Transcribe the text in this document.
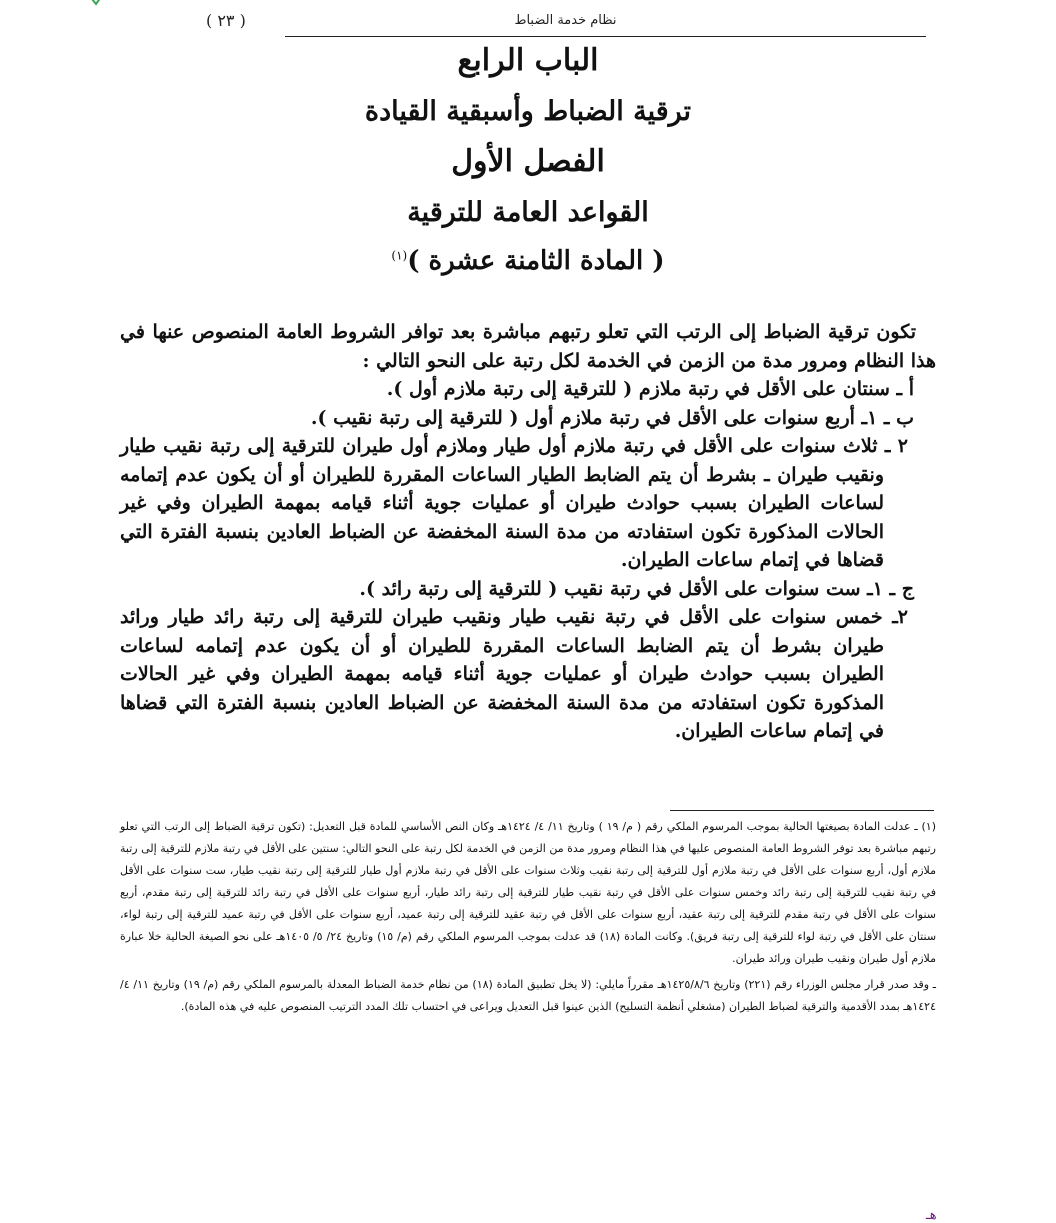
( ٢٣ )	نظام خدمة الضباط
الباب الرابع
ترقية الضباط وأسبقية القيادة
الفصل الأول
القواعد العامة للترقية
( المادة الثامنة عشرة )$^{(١)}$

تكون ترقية الضباط إلى الرتب التي تعلو رتبهم مباشرة بعد توافر الشروط العامة المنصوص عنها في هذا النظام ومرور مدة من الزمن في الخدمة لكل رتبة على النحو التالي :

أ ـ سنتان على الأقل في رتبة ملازم ( للترقية إلى رتبة ملازم أول ).

ب ـ ١ـ أربع سنوات على الأقل في رتبة ملازم أول ( للترقية إلى رتبة نقيب ).

٢ ـ ثلاث سنوات على الأقل في رتبة ملازم أول طيار وملازم أول طيران للترقية إلى رتبة نقيب طيار ونقيب طيران ـ بشرط أن يتم الضابط الطيار الساعات المقررة للطيران أو أن يكون عدم إتمامه لساعات الطيران بسبب حوادث طيران أو عمليات جوية أثناء قيامه بمهمة الطيران وفي غير الحالات المذكورة تكون استفادته من مدة السنة المخفضة عن الضباط العادين بنسبة الفترة التي قضاها في إتمام ساعات الطيران.

ج ـ ١ـ ست سنوات على الأقل في رتبة نقيب ( للترقية إلى رتبة رائد ).

٢ـ خمس سنوات على الأقل في رتبة نقيب طيار ونقيب طيران للترقية إلى رتبة رائد طيار ورائد طيران بشرط أن يتم الضابط الساعات المقررة للطيران أو أن يكون عدم إتمامه لساعات الطيران بسبب حوادث طيران أو عمليات جوية أثناء قيامه بمهمة الطيران وفي غير الحالات المذكورة تكون استفادته من مدة السنة المخفضة عن الضباط العادين بنسبة الفترة التي قضاها في إتمام ساعات الطيران.

(١) ـ عدلت المادة بصيغتها الحالية بموجب المرسوم الملكي رقم ( م/ ١٩ ) وتاريخ ١١/ ٤/ ١٤٢٤هـ وكان النص الأساسي للمادة قبل التعديل: (تكون ترقية الضباط إلى الرتب التي تعلو رتبهم مباشرة بعد توفر الشروط العامة المنصوص عليها في هذا النظام ومرور مدة من الزمن في الخدمة لكل رتبة على النحو التالي: سنتين على الأقل في رتبة ملازم للترقية إلى رتبة ملازم أول، أربع سنوات على الأقل في رتبة ملازم أول للترقية إلى رتبة نقيب وثلاث سنوات على الأقل في رتبة ملازم أول طيار للترقية إلى رتبة نقيب طيار، ست سنوات على الأقل في رتبة نقيب للترقية إلى رتبة رائد وخمس سنوات على الأقل في رتبة نقيب طيار للترقية إلى رتبة رائد طيار، أربع سنوات على الأقل في رتبة رائد للترقية إلى رتبة مقدم، أربع سنوات على الأقل في رتبة مقدم للترقية إلى رتبة عقيد، أربع سنوات على الأقل في رتبة عقيد للترقية إلى رتبة عميد، أربع سنوات على الأقل في رتبة عميد للترقية إلى رتبة لواء، سنتان على الأقل في رتبة لواء للترقية إلى رتبة فريق). وكانت المادة (١٨) قد عدلت بموجب المرسوم الملكي رقم (م/ ١٥) وتاريخ ٢٤/ ٥/ ١٤٠٥هـ على نحو الصيغة الحالية خلا عبارة ملازم أول طيران ونقيب طيران ورائد طيران.

ـ وقد صدر قرار مجلس الوزراء رقم (٢٢١) وتاريخ ١٤٢٥/٨/٦هـ مقرراً مايلي: (لا يخل تطبيق المادة (١٨) من نظام خدمة الضباط المعدلة بالمرسوم الملكي رقم (م/ ١٩) وتاريخ ١١/ ٤/ ١٤٢٤هـ بمدد الأقدمية والترقية لضباط الطيران (مشغلي أنظمة التسليح) الذين عينوا قبل التعديل ويراعى في احتساب تلك المدد الترتيب المنصوص عليه في هذه المادة).

هـ
